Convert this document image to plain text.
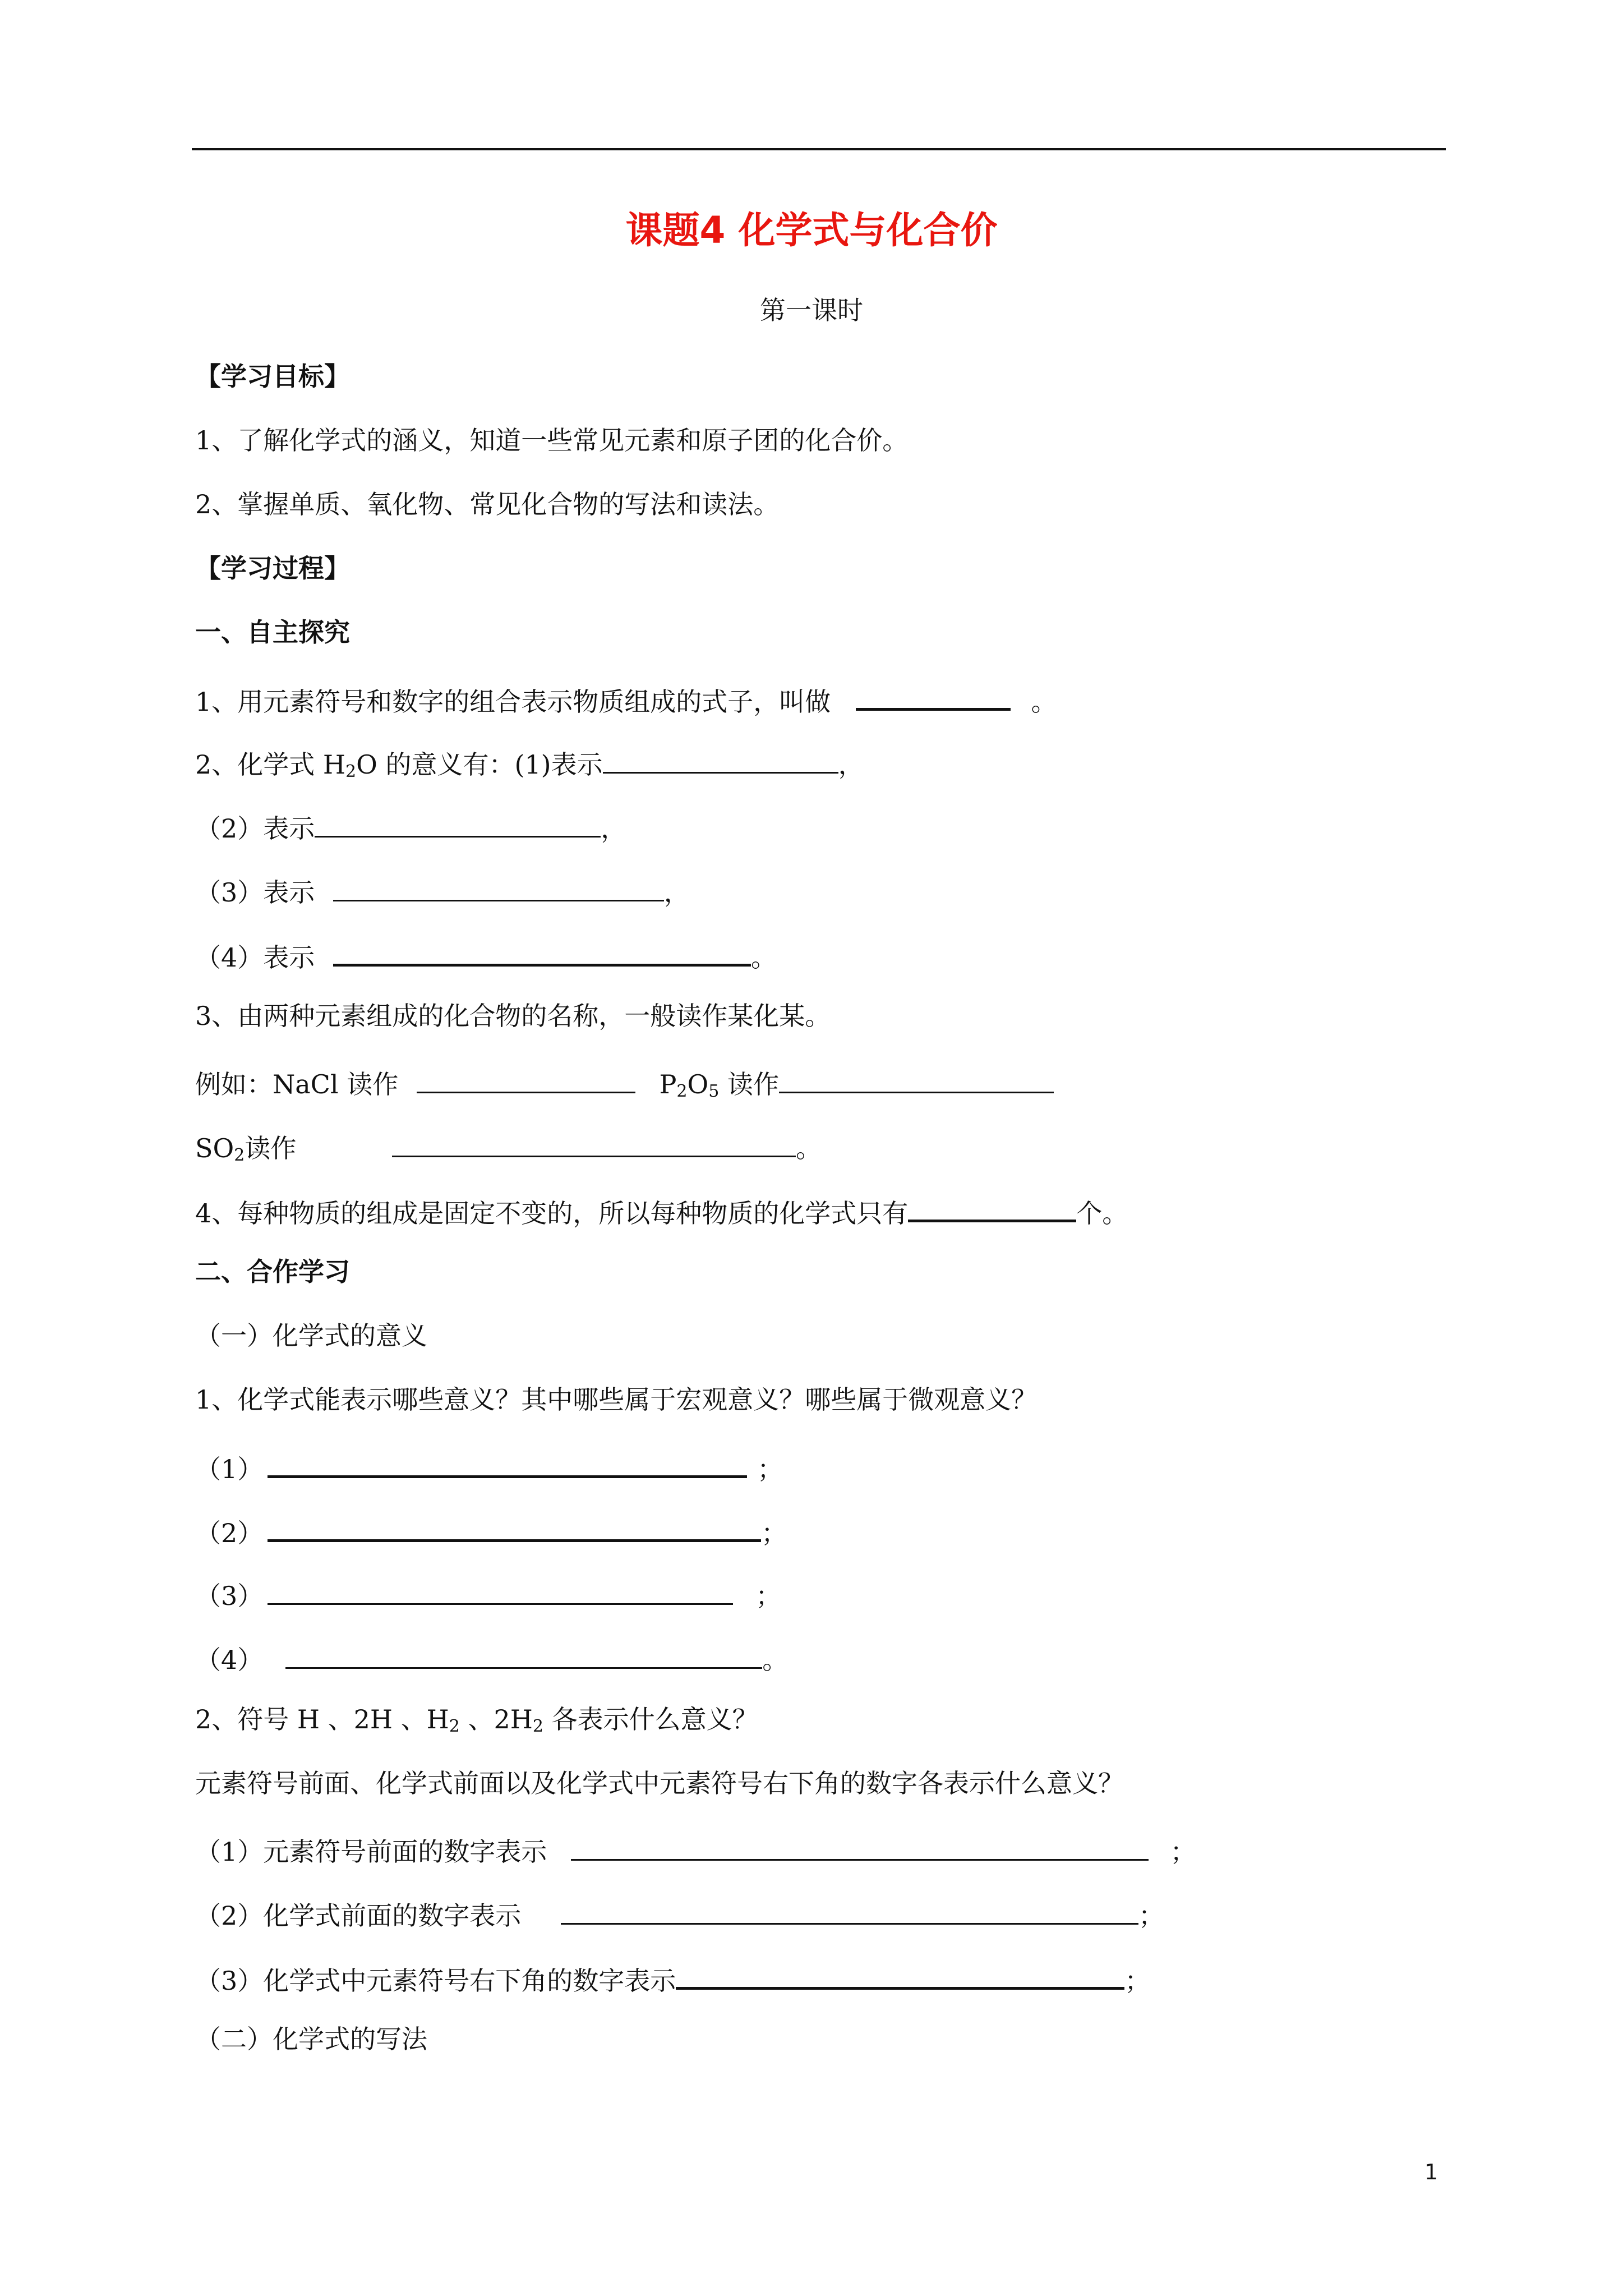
课题4 化学式与化合价
第一课时
【学习目标】
1、了解化学式的涵义，知道一些常见元素和原子团的化合价。
2、掌握单质、氧化物、常见化合物的写法和读法。
【学习过程】
一、自主探究
1、用元素符号和数字的组合表示物质组成的式子，叫做	。
2、化学式 $H_2O$ 的意义有：(1)表示	，
（2）表示	，
（3）表示	，
（4）表示	。
3、由两种元素组成的化合物的名称，一般读作某化某。
例如：NaCl 读作	$P_2O_5$ 读作
$SO_2$读作	。
4、每种物质的组成是固定不变的，所以每种物质的化学式只有	个。
二、合作学习
（一）化学式的意义
1、化学式能表示哪些意义？其中哪些属于宏观意义？哪些属于微观意义？
（1）	；
（2）	；
（3）	；
（4）	。
2、符号 H 、2H 、$H_2$ 、$2H_2$ 各表示什么意义？
元素符号前面、化学式前面以及化学式中元素符号右下角的数字各表示什么意义？
（1）元素符号前面的数字表示	；
（2）化学式前面的数字表示	；
（3）化学式中元素符号右下角的数字表示	；
（二）化学式的写法
1
